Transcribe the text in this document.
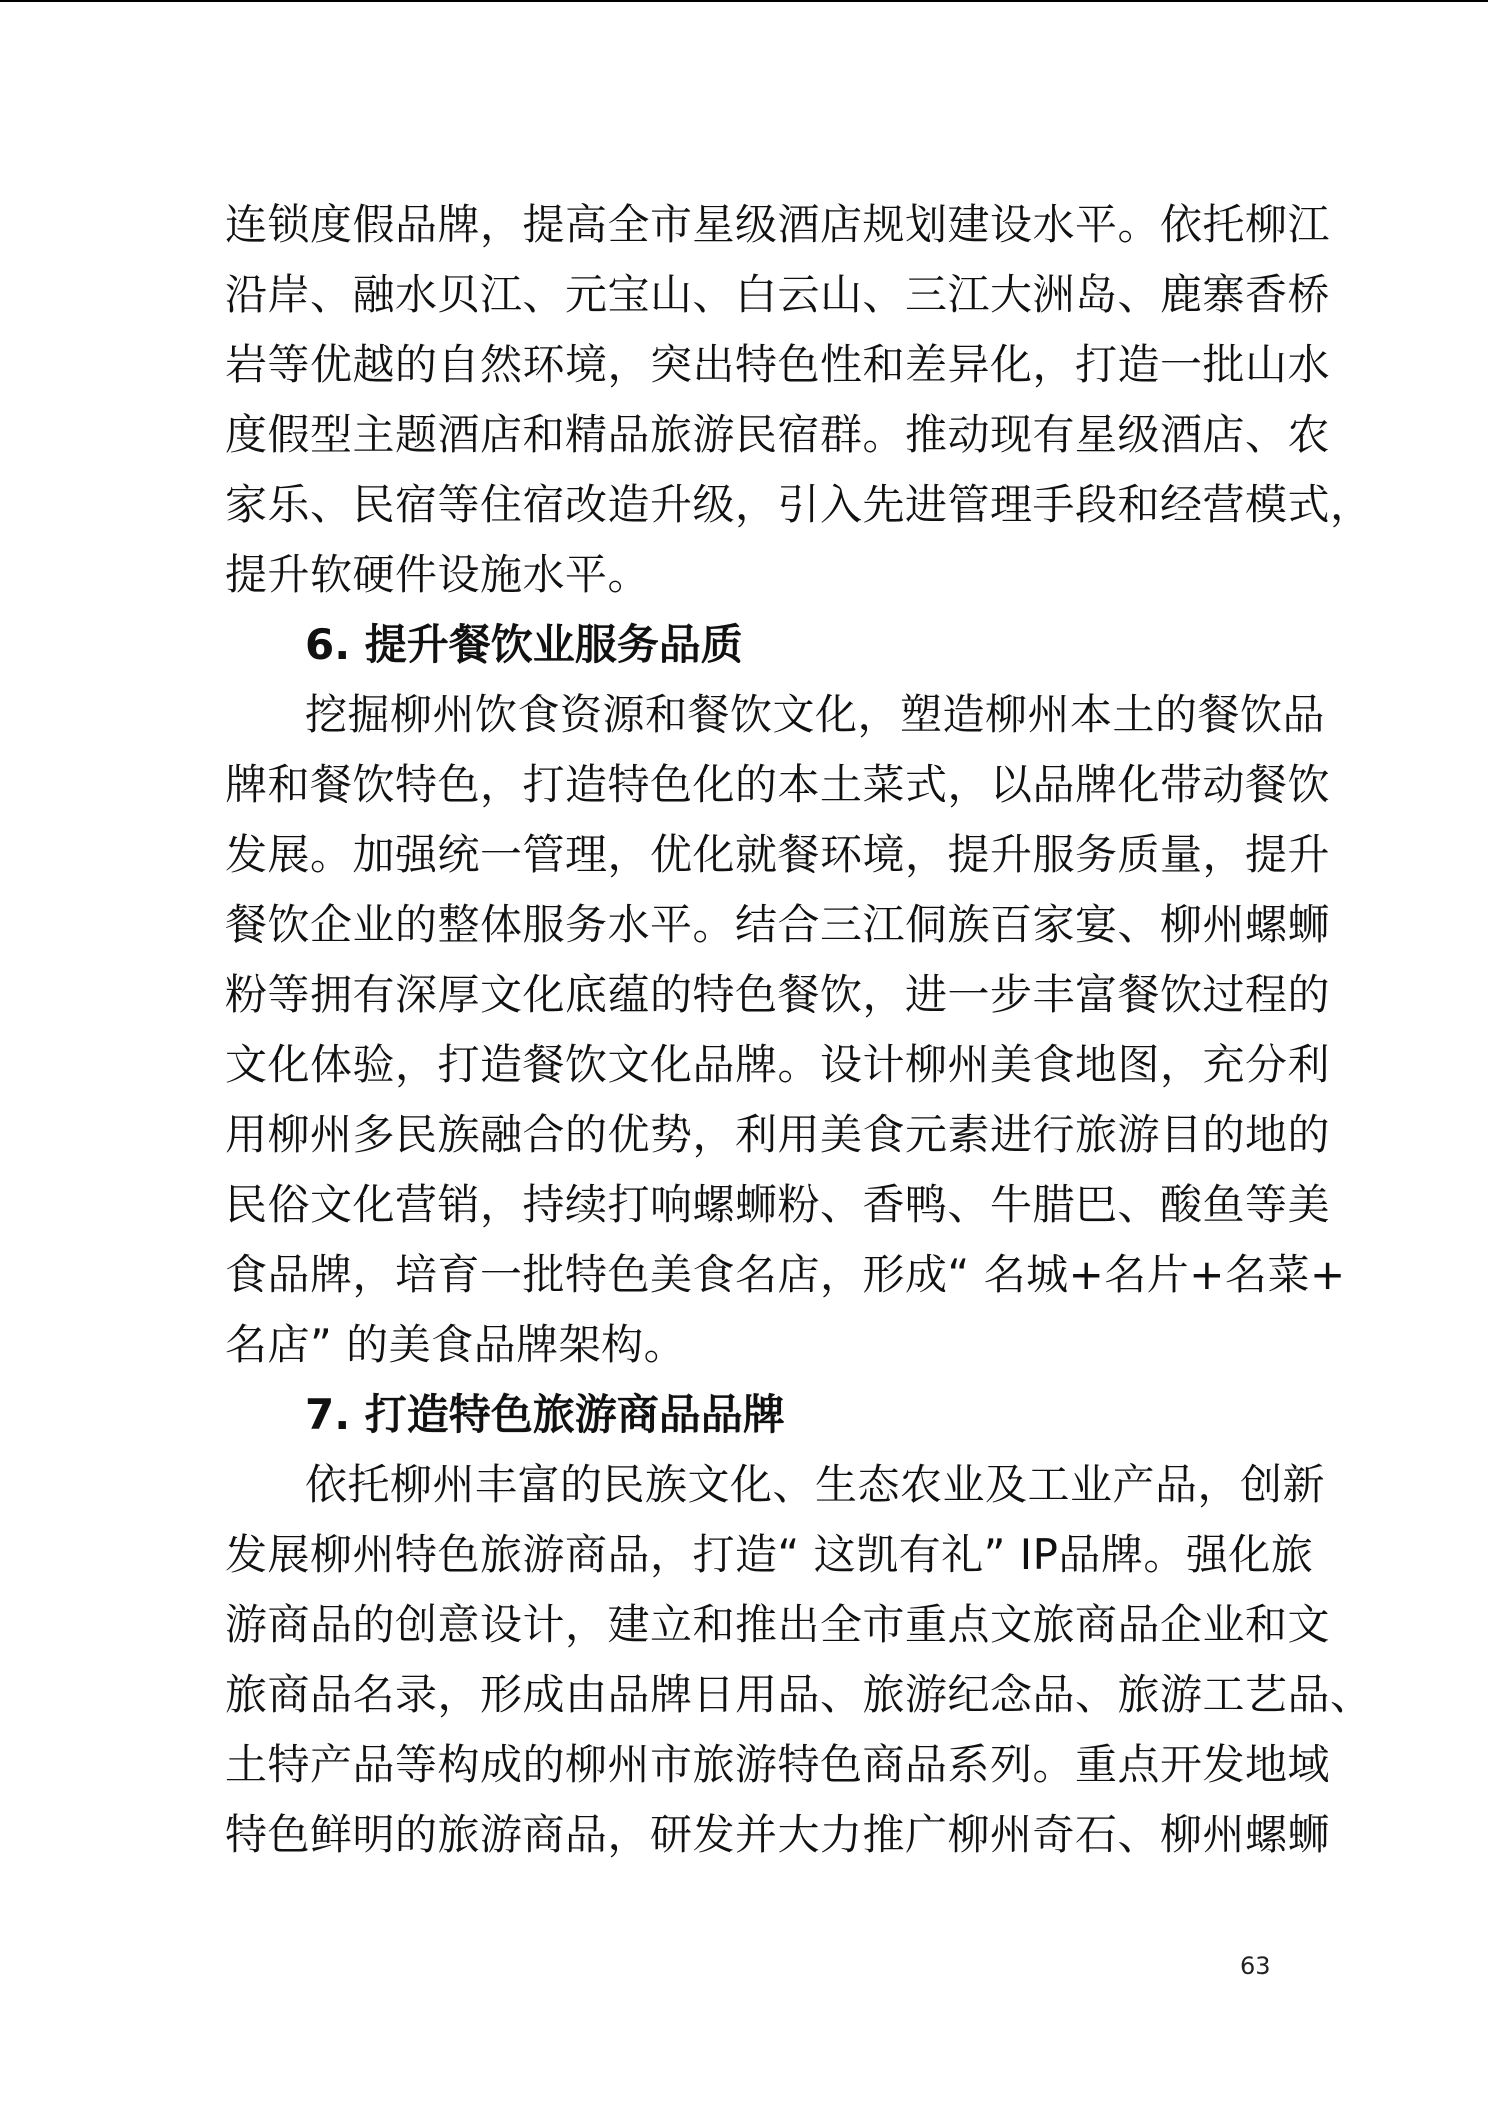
连锁度假品牌，提高全市星级酒店规划建设水平。依托柳江
沿岸、融水贝江、元宝山、白云山、三江大洲岛、鹿寨香桥
岩等优越的自然环境，突出特色性和差异化，打造一批山水
度假型主题酒店和精品旅游民宿群。推动现有星级酒店、农
家乐、民宿等住宿改造升级，引入先进管理手段和经营模式，
提升软硬件设施水平。
6. 提升餐饮业服务品质
挖掘柳州饮食资源和餐饮文化，塑造柳州本土的餐饮品
牌和餐饮特色，打造特色化的本土菜式，以品牌化带动餐饮
发展。加强统一管理，优化就餐环境，提升服务质量，提升
餐饮企业的整体服务水平。结合三江侗族百家宴、柳州螺蛳
粉等拥有深厚文化底蕴的特色餐饮，进一步丰富餐饮过程的
文化体验，打造餐饮文化品牌。设计柳州美食地图，充分利
用柳州多民族融合的优势，利用美食元素进行旅游目的地的
民俗文化营销，持续打响螺蛳粉、香鸭、牛腊巴、酸鱼等美
食品牌，培育一批特色美食名店，形成“ 名城+名片+名菜+
名店” 的美食品牌架构。
7. 打造特色旅游商品品牌
依托柳州丰富的民族文化、生态农业及工业产品，创新
发展柳州特色旅游商品，打造“ 这凯有礼” IP品牌。强化旅
游商品的创意设计，建立和推出全市重点文旅商品企业和文
旅商品名录，形成由品牌日用品、旅游纪念品、旅游工艺品、
土特产品等构成的柳州市旅游特色商品系列。重点开发地域
特色鲜明的旅游商品，研发并大力推广柳州奇石、柳州螺蛳
63
